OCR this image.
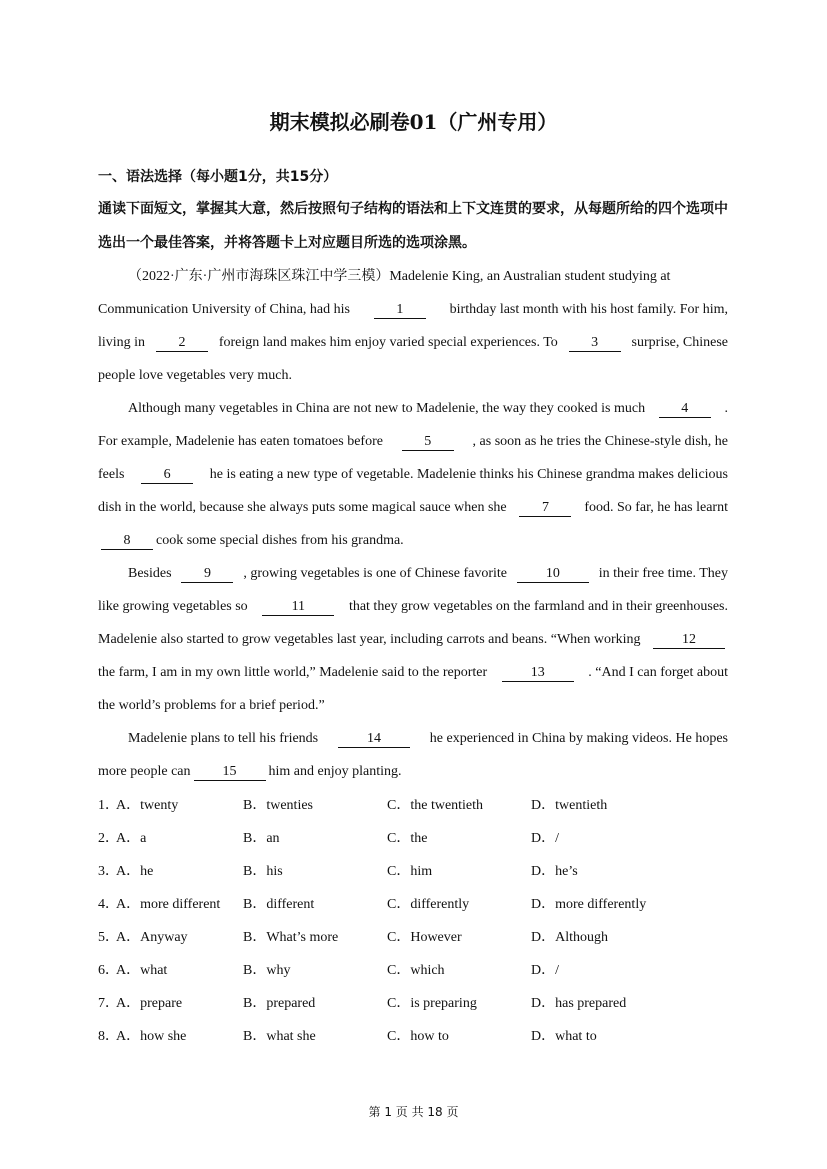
期末模拟必刷卷01（广州专用）
一、语法选择（每小题1分，共15分）
通读下面短文，掌握其大意，然后按照句子结构的语法和上下文连贯的要求，从每题所给的四个选项中
选出一个最佳答案，并将答题卡上对应题目所选的选项涂黑。
（2022·广东·广州市海珠区珠江中学三模）Madelenie King, an Australian student studying at
Communication University of China, had his	1	birthday last month with his host family. For him,
living in	2	foreign land makes him enjoy varied special experiences. To	3	surprise, Chinese
people love vegetables very much.
Although many vegetables in China are not new to Madelenie, the way they cooked is much	4	.
For example, Madelenie has eaten tomatoes before	5	, as soon as he tries the Chinese-style dish, he
feels	6	he is eating a new type of vegetable. Madelenie thinks his Chinese grandma makes delicious
dish in the world, because she always puts some magical sauce when she	7	food. So far, he has learnt
8	cook some special dishes from his grandma.
Besides	9	, growing vegetables is one of Chinese favorite	10	in their free time. They
like growing vegetables so	11	that they grow vegetables on the farmland and in their greenhouses.
Madelenie also started to grow vegetables last year, including carrots and beans. “When working	12
the farm, I am in my own little world,” Madelenie said to the reporter	13	. “And I can forget about
the world’s problems for a brief period.”
Madelenie plans to tell his friends	14	he experienced in China by making videos. He hopes
more people can	15	him and enjoy planting.
1．
A．twenty	B．twenties	C．the twentieth	D．twentieth
2．
A．a	B．an	C．the	D．/
3．
A．he	B．his	C．him	D．he’s
4．
A．more different B．different	C．differently	D．more differently
5．
A．Anyway	B．What’s more	C．However	D．Although
6．
A．what	B．why	C．which	D．/
7．
A．prepare	B．prepared	C．is preparing	D．has prepared
8．
A．how she	B．what she	C．how to	D．what to
第 1 页 共 18 页
